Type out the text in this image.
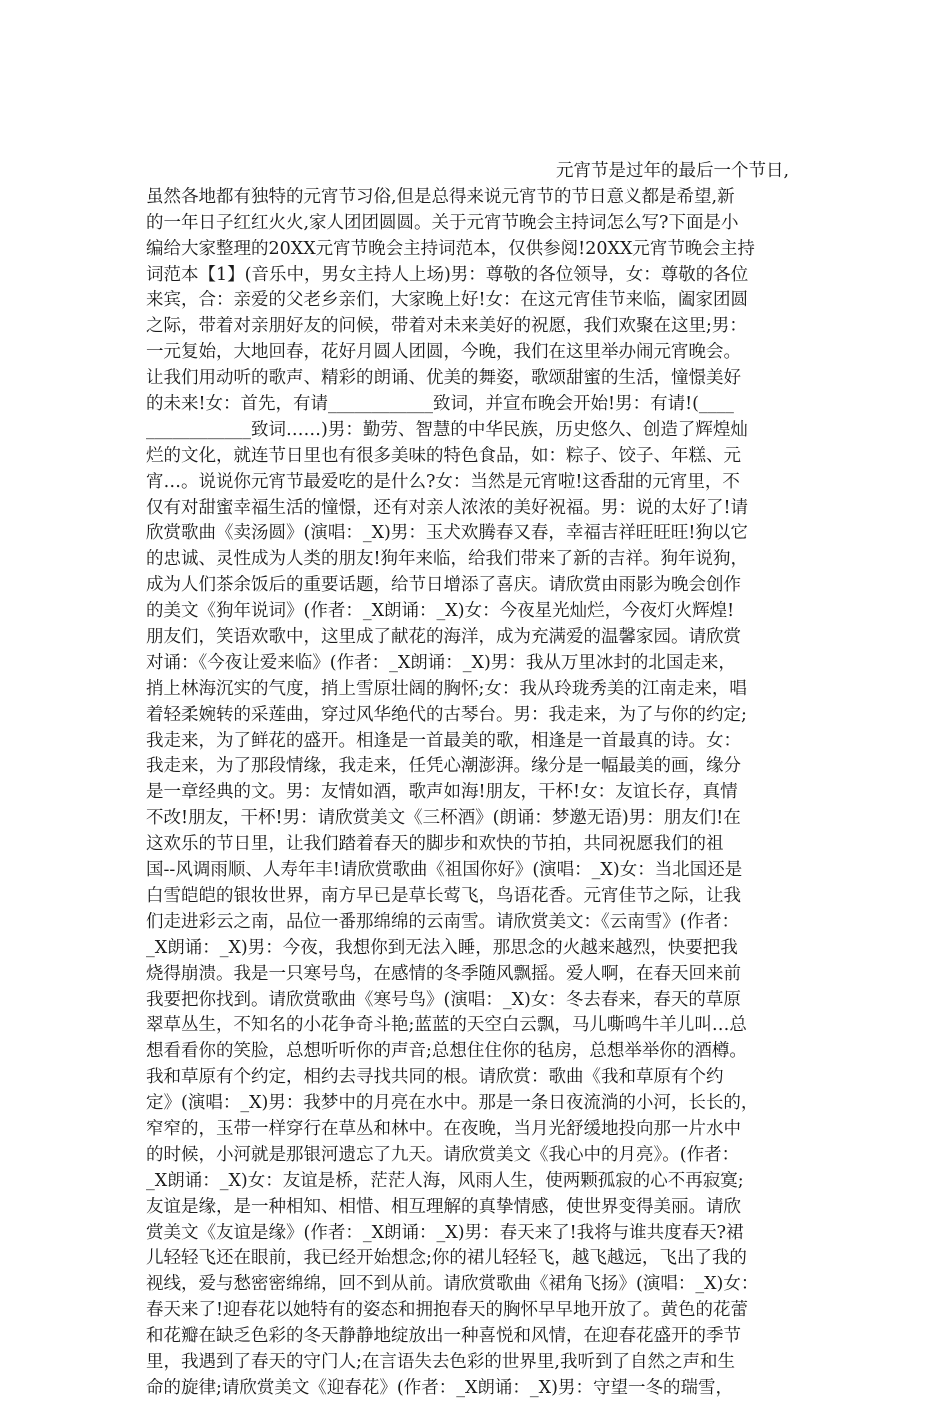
元宵节是过年的最后一个节日,
虽然各地都有独特的元宵节习俗,但是总得来说元宵节的节日意义都是希望,新
的一年日子红红火火,家人团团圆圆。关于元宵节晚会主持词怎么写?下面是小
编给大家整理的20XX元宵节晚会主持词范本，仅供参阅!20XX元宵节晚会主持
词范本【1】(音乐中，男女主持人上场)男：尊敬的各位领导，女：尊敬的各位
来宾，合：亲爱的父老乡亲们，大家晚上好!女：在这元宵佳节来临，阖家团圆
之际，带着对亲朋好友的问候，带着对未来美好的祝愿，我们欢聚在这里;男：
一元复始，大地回春，花好月圆人团圆，今晚，我们在这里举办闹元宵晚会。
让我们用动听的歌声、精彩的朗诵、优美的舞姿，歌颂甜蜜的生活，憧憬美好
的未来!女：首先，有请____________致词，并宣布晚会开始!男：有请!(____
____________致词……)男：勤劳、智慧的中华民族，历史悠久、创造了辉煌灿
烂的文化，就连节日里也有很多美味的特色食品，如：粽子、饺子、年糕、元
宵…。说说你元宵节最爱吃的是什么?女：当然是元宵啦!这香甜的元宵里，不
仅有对甜蜜幸福生活的憧憬，还有对亲人浓浓的美好祝福。男：说的太好了!请
欣赏歌曲《卖汤圆》(演唱：_X)男：玉犬欢腾春又春，幸福吉祥旺旺旺!狗以它
的忠诚、灵性成为人类的朋友!狗年来临，给我们带来了新的吉祥。狗年说狗，
成为人们茶余饭后的重要话题，给节日增添了喜庆。请欣赏由雨影为晚会创作
的美文《狗年说词》(作者：_X朗诵：_X)女：今夜星光灿烂，今夜灯火辉煌!
朋友们，笑语欢歌中，这里成了献花的海洋，成为充满爱的温馨家园。请欣赏
对诵：《今夜让爱来临》(作者：_X朗诵：_X)男：我从万里冰封的北国走来，
捎上林海沉实的气度，捎上雪原壮阔的胸怀;女：我从玲珑秀美的江南走来，唱
着轻柔婉转的采莲曲，穿过风华绝代的古琴台。男：我走来，为了与你的约定;
我走来，为了鲜花的盛开。相逢是一首最美的歌，相逢是一首最真的诗。女：
我走来，为了那段情缘，我走来，任凭心潮澎湃。缘分是一幅最美的画，缘分
是一章经典的文。男：友情如酒，歌声如海!朋友，干杯!女：友谊长存，真情
不改!朋友，干杯!男：请欣赏美文《三杯酒》(朗诵：梦邀无语)男：朋友们!在
这欢乐的节日里，让我们踏着春天的脚步和欢快的节拍，共同祝愿我们的祖
国--风调雨顺、人寿年丰!请欣赏歌曲《祖国你好》(演唱：_X)女：当北国还是
白雪皑皑的银妆世界，南方早已是草长莺飞，鸟语花香。元宵佳节之际，让我
们走进彩云之南，品位一番那绵绵的云南雪。请欣赏美文：《云南雪》(作者：
_X朗诵：_X)男：今夜，我想你到无法入睡，那思念的火越来越烈，快要把我
烧得崩溃。我是一只寒号鸟，在感情的冬季随风飘摇。爱人啊，在春天回来前
我要把你找到。请欣赏歌曲《寒号鸟》(演唱：_X)女：冬去春来，春天的草原
翠草丛生，不知名的小花争奇斗艳;蓝蓝的天空白云飘，马儿嘶鸣牛羊儿叫…总
想看看你的笑脸，总想听听你的声音;总想住住你的毡房，总想举举你的酒樽。
我和草原有个约定，相约去寻找共同的根。请欣赏：歌曲《我和草原有个约
定》(演唱：_X)男：我梦中的月亮在水中。那是一条日夜流淌的小河，长长的，
窄窄的，玉带一样穿行在草丛和林中。在夜晚，当月光舒缓地投向那一片水中
的时候，小河就是那银河遗忘了九天。请欣赏美文《我心中的月亮》。(作者：
_X朗诵：_X)女：友谊是桥，茫茫人海，风雨人生，使两颗孤寂的心不再寂寞;
友谊是缘，是一种相知、相惜、相互理解的真挚情感，使世界变得美丽。请欣
赏美文《友谊是缘》(作者：_X朗诵：_X)男：春天来了!我将与谁共度春天?裙
儿轻轻飞还在眼前，我已经开始想念;你的裙儿轻轻飞，越飞越远，飞出了我的
视线，爱与愁密密绵绵，回不到从前。请欣赏歌曲《裙角飞扬》(演唱：_X)女：
春天来了!迎春花以她特有的姿态和拥抱春天的胸怀早早地开放了。黄色的花蕾
和花瓣在缺乏色彩的冬天静静地绽放出一种喜悦和风情，在迎春花盛开的季节
里，我遇到了春天的守门人;在言语失去色彩的世界里,我听到了自然之声和生
命的旋律;请欣赏美文《迎春花》(作者：_X朗诵：_X)男：守望一冬的瑞雪，
